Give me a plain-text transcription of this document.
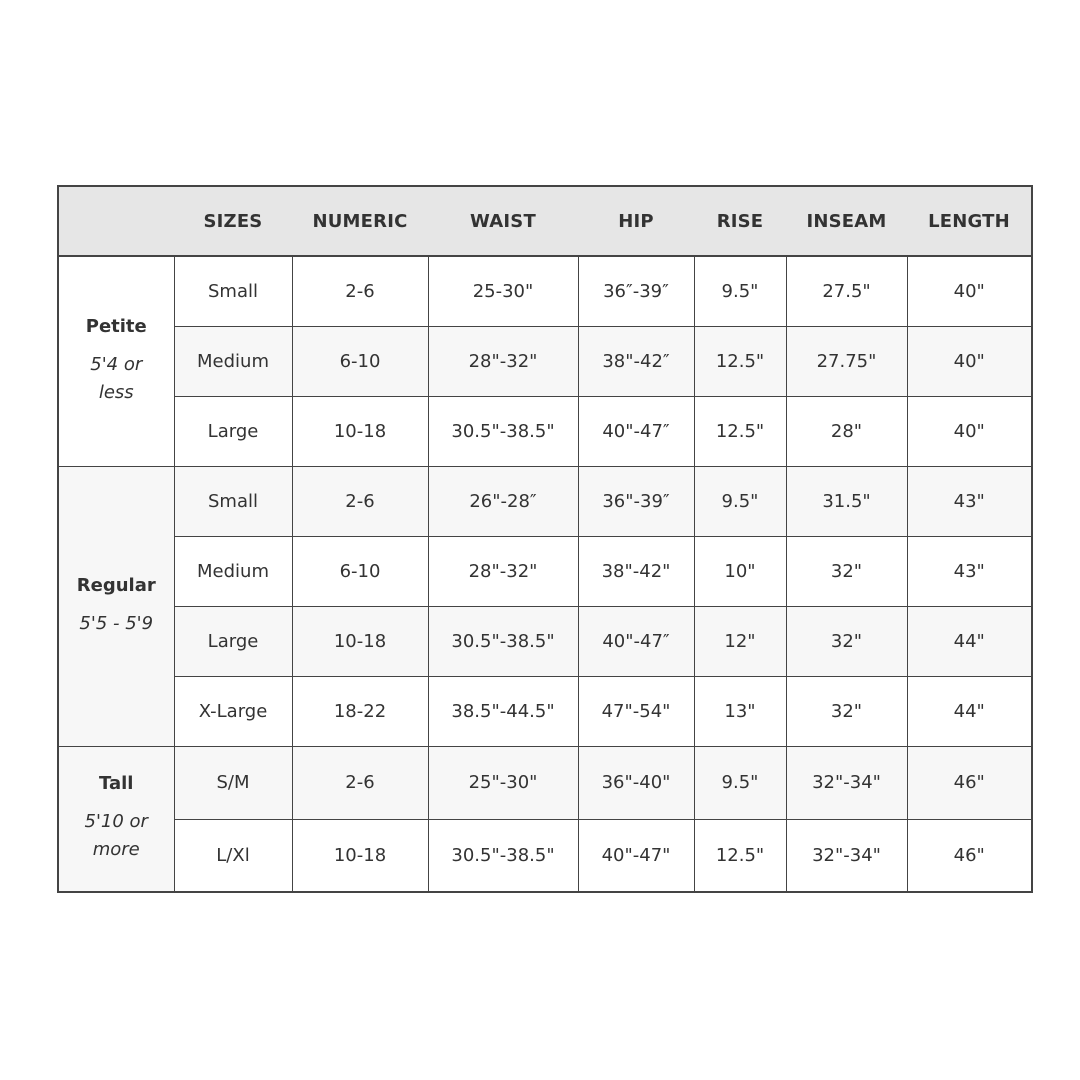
	SIZES	NUMERIC	WAIST	HIP	RISE	INSEAM	LENGTH

Petite
5'4 or less	Small	2-6	25-30"	36″-39″	9.5"	27.5"	40"
	Medium	6-10	28"-32"	38"-42″	12.5"	27.75"	40"
	Large	10-18	30.5"-38.5"	40"-47″	12.5"	28"	40"

Regular
5'5 - 5'9	Small	2-6	26"-28″	36"-39″	9.5"	31.5"	43"
	Medium	6-10	28"-32"	38"-42"	10"	32"	43"
	Large	10-18	30.5"-38.5"	40"-47″	12"	32"	44"
	X-Large	18-22	38.5"-44.5"	47"-54"	13"	32"	44"

Tall
5'10 or more	S/M	2-6	25"-30"	36"-40"	9.5"	32"-34"	46"
	L/Xl	10-18	30.5"-38.5"	40"-47"	12.5"	32"-34"	46"
